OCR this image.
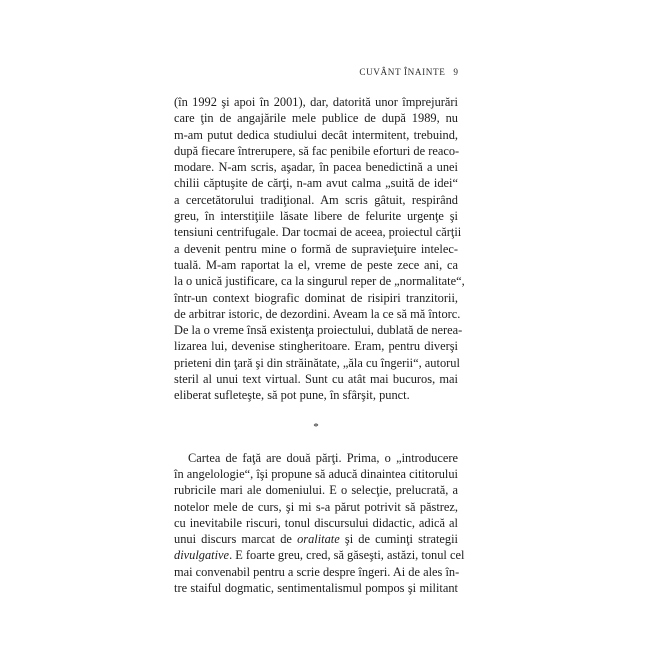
CUVÂNT ÎNAINTE 9
(în 1992 şi apoi în 2001), dar, datorită unor împrejurări
care ţin de angajările mele publice de după 1989, nu
m-am putut dedica studiului decât intermitent, trebuind,
după fiecare întrerupere, să fac penibile eforturi de reaco-
modare. N-am scris, aşadar, în pacea benedictină a unei
chilii căptuşite de cărţi, n-am avut calma „suită de idei“
a cercetătorului tradiţional. Am scris gâtuit, respirând
greu, în interstiţiile lăsate libere de felurite urgenţe şi
tensiuni centrifugale. Dar tocmai de aceea, proiectul cărţii
a devenit pentru mine o formă de supravieţuire intelec-
tuală. M-am raportat la el, vreme de peste zece ani, ca
la o unică justificare, ca la singurul reper de „normalitate“,
într-un context biografic dominat de risipiri tranzitorii,
de arbitrar istoric, de dezordini. Aveam la ce să mă întorc.
De la o vreme însă existenţa proiectului, dublată de nerea-
lizarea lui, devenise stingheritoare. Eram, pentru diverşi
prieteni din ţară şi din străinătate, „ăla cu îngerii“, autorul
steril al unui text virtual. Sunt cu atât mai bucuros, mai
eliberat sufleteşte, să pot pune, în sfârşit, punct.
*
Cartea de faţă are două părţi. Prima, o „introducere
în angelologie“, îşi propune să aducă dinaintea cititorului
rubricile mari ale domeniului. E o selecţie, prelucrată, a
notelor mele de curs, şi mi s-a părut potrivit să păstrez,
cu inevitabile riscuri, tonul discursului didactic, adică al
unui discurs marcat de oralitate şi de cuminţi strategii
divulgative. E foarte greu, cred, să găseşti, astăzi, tonul cel
mai convenabil pentru a scrie despre îngeri. Ai de ales în-
tre staiful dogmatic, sentimentalismul pompos şi militant
